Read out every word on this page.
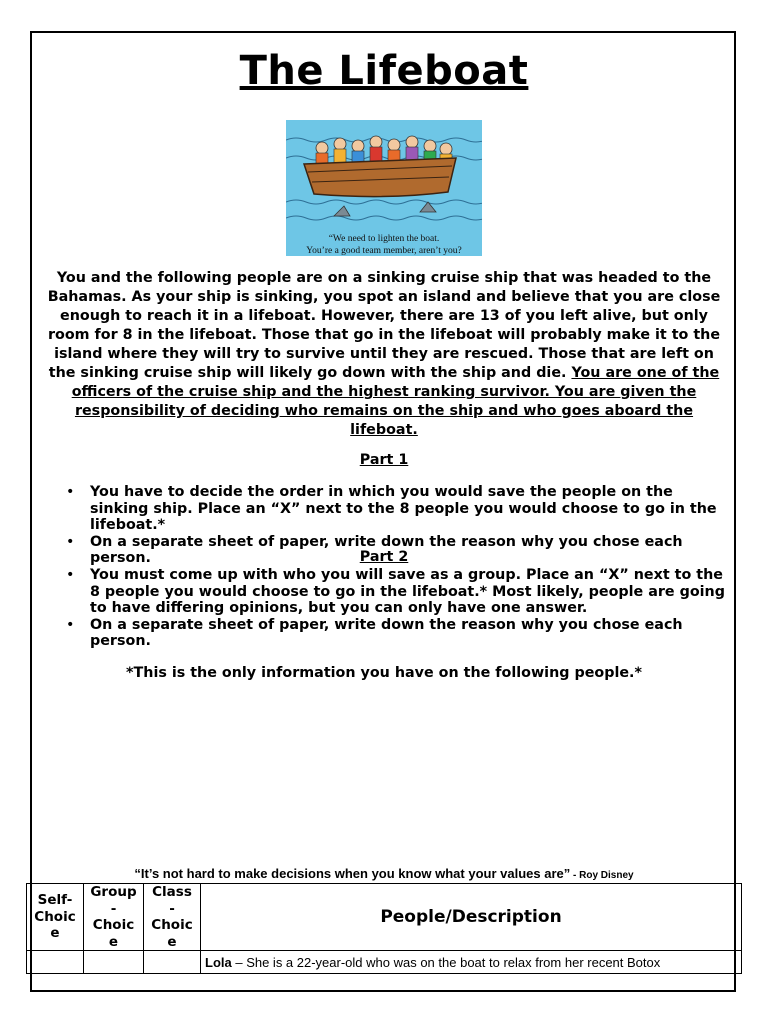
The Lifeboat
“We need to lighten the boat.
You’re a good team member, aren’t you?
You and the following people are on a sinking cruise ship that was headed to the Bahamas. As your ship is sinking, you spot an island and believe that you are close enough to reach it in a lifeboat. However, there are 13 of you left alive, but only room for 8 in the lifeboat. Those that go in the lifeboat will probably make it to the island where they will try to survive until they are rescued. Those that are left on the sinking cruise ship will likely go down with the ship and die. You are one of the officers of the cruise ship and the highest ranking survivor. You are given the responsibility of deciding who remains on the ship and who goes aboard the lifeboat.
Part 1
• You have to decide the order in which you would save the people on the sinking ship. Place an “X” next to the 8 people you would choose to go in the lifeboat.*
• On a separate sheet of paper, write down the reason why you chose each person.	Part 2
• You must come up with who you will save as a group. Place an “X” next to the 8 people you would choose to go in the lifeboat.* Most likely, people are going to have differing opinions, but you can only have one answer.
• On a separate sheet of paper, write down the reason why you chose each person.
*This is the only information you have on the following people.*
“It’s not hard to make decisions when you know what your values are” - Roy Disney
Self-
Choic
e	Group
-
Choic
e	Class
-
Choic
e	People/Description
			Lola – She is a 22-year-old who was on the boat to relax from her recent Botox
